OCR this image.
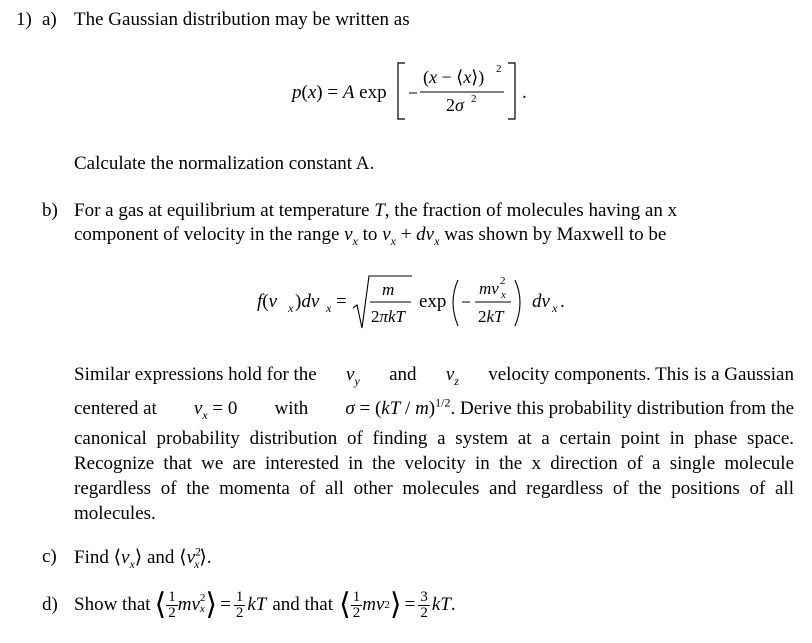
1) a) The Gaussian distribution may be written as
p(x) = A exp
(x − ⟨x⟩) 2
2σ 2 .
Calculate the normalization constant A.
b) For a gas at equilibrium at temperature T, the fraction of molecules having an x
component of velocity in the range $v_x$ to $v_x + dv_x$ was shown by Maxwell to be
f(v x )dv x =
m
2πkT
exp
mv 2
x
2kT
dv x .
Similar expressions hold for the $v_y$ and $v_z$ velocity components. This is a Gaussian
centered at $v_x = 0$ with σ = (kT / m)$^{1/2}$. Derive this probability distribution from the
canonical probability distribution of finding a system at a certain point in phase space. Recognize that we are interested in the velocity in the x direction of a single molecule regardless of the momenta of all other molecules and regardless of the positions of all molecules.
c) Find $⟨v_x⟩$ and $⟨v^2_x⟩$.
d) Show that ⟨ $\frac{1}{2}$ mv 2
x ⟩ = $\frac{1}{2}$ kT and that ⟨ $\frac{1}{2}$ mv 2 ⟩ = $\frac{3}{2}$ kT .
